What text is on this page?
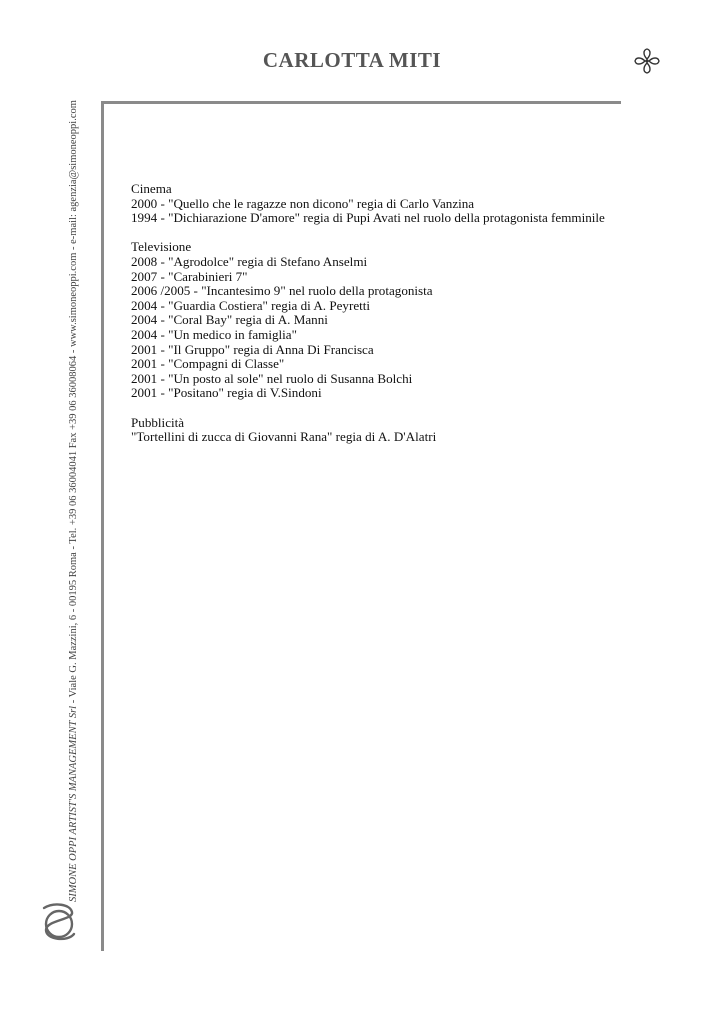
CARLOTTA MITI
SIMONE OPPI ARTIST'S MANAGEMENT Srl - Viale G. Mazzini, 6 - 00195 Roma - Tel. +39 06 36004041 Fax +39 06 36008064 - www.simoneoppi.com - e-mail: agenzia@simoneoppi.com	Cinema
2000 - "Quello che le ragazze non dicono" regia di Carlo Vanzina
1994 - "Dichiarazione D'amore" regia di Pupi Avati nel ruolo della protagonista femminile
Televisione
2008 - "Agrodolce" regia di Stefano Anselmi
2007 - "Carabinieri 7"
2006 /2005 - "Incantesimo 9" nel ruolo della protagonista
2004 - "Guardia Costiera" regia di A. Peyretti
2004 - "Coral Bay" regia di A. Manni
2004 - "Un medico in famiglia"
2001 - "Il Gruppo" regia di Anna Di Francisca
2001 - "Compagni di Classe"
2001 - "Un posto al sole" nel ruolo di Susanna Bolchi
2001 - "Positano" regia di V.Sindoni
Pubblicità
"Tortellini di zucca di Giovanni Rana" regia di A. D'Alatri
